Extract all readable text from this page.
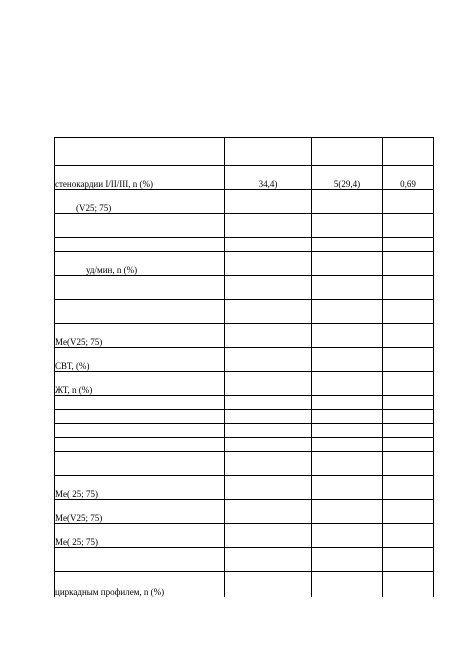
стенокардии I/II/III, n (%)	34,4)	5(29,4)	0,69
(V25; 75)			

уд/мин, n (%)			

Me(V25; 75)			
СВТ, (%)			
ЖТ, n (%)			

Me( 25; 75)			
Me(V25; 75)			
Me( 25; 75)			

циркадным профилем, n (%)			
